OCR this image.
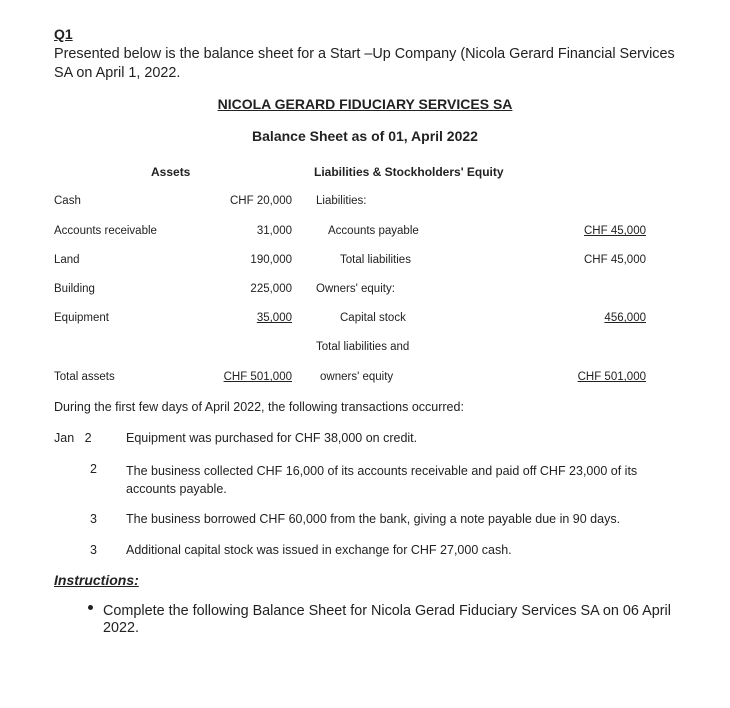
Q1
Presented below is the balance sheet for a Start –Up Company (Nicola Gerard Financial Services SA on April 1, 2022.
NICOLA GERARD FIDUCIARY SERVICES SA
Balance Sheet as of 01, April 2022
Assets	Liabilities & Stockholders' Equity
Cash	CHF 20,000 Liabilities:
Accounts receivable	31,000	Accounts payable	CHF 45,000
Land	190,000	Total liabilities	CHF 45,000
Building	225,000 Owners' equity:
Equipment	35,000	Capital stock	456,000
Total liabilities and
Total assets	CHF 501,000 owners' equity	CHF 501,000
During the first few days of April 2022, the following transactions occurred:
Jan   2	Equipment was purchased for CHF 38,000 on credit.
2 The business collected CHF 16,000 of its accounts receivable and paid off CHF 23,000 of its accounts payable.
3 The business borrowed CHF 60,000 from the bank, giving a note payable due in 90 days.
3 Additional capital stock was issued in exchange for CHF 27,000 cash.
Instructions:
Complete the following Balance Sheet for Nicola Gerad Fiduciary Services SA on 06 April 2022.
